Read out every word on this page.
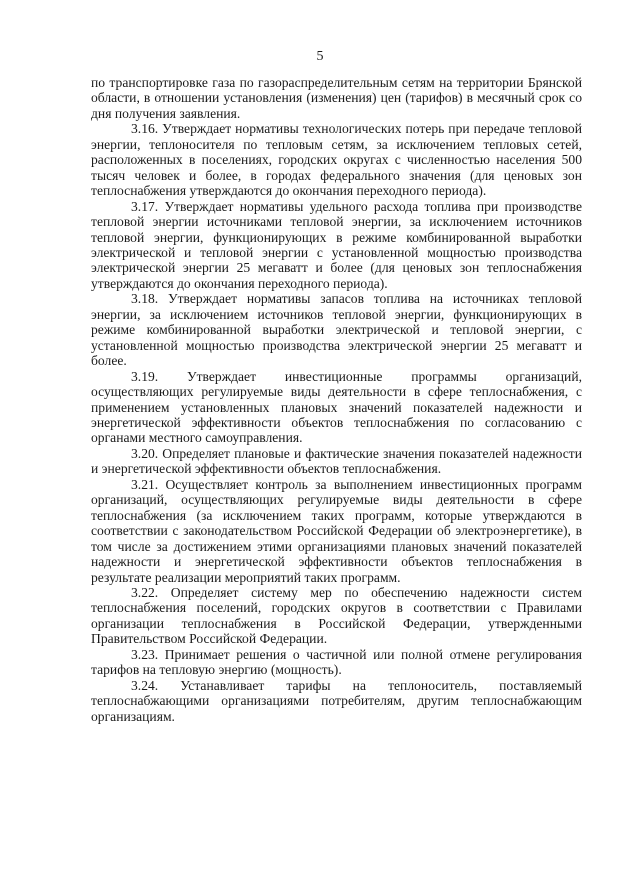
5

по транспортировке газа по газораспределительным сетям на территории Брянской области, в отношении установления (изменения) цен (тарифов) в месячный срок со дня получения заявления.

3.16. Утверждает нормативы технологических потерь при передаче тепловой энергии, теплоносителя по тепловым сетям, за исключением тепловых сетей, расположенных в поселениях, городских округах с численностью населения 500 тысяч человек и более, в городах федерального значения (для ценовых зон теплоснабжения утверждаются до окончания переходного периода).

3.17. Утверждает нормативы удельного расхода топлива при производстве тепловой энергии источниками тепловой энергии, за исключением источников тепловой энергии, функционирующих в режиме комбинированной выработки электрической и тепловой энергии с установленной мощностью производства электрической энергии 25 мегаватт и более (для ценовых зон теплоснабжения утверждаются до окончания переходного периода).

3.18. Утверждает нормативы запасов топлива на источниках тепловой энергии, за исключением источников тепловой энергии, функционирующих в режиме комбинированной выработки электрической и тепловой энергии, с установленной мощностью производства электрической энергии 25 мегаватт и более.

3.19. Утверждает инвестиционные программы организаций, осуществляющих регулируемые виды деятельности в сфере теплоснабжения, с применением установленных плановых значений показателей надежности и энергетической эффективности объектов теплоснабжения по согласованию с органами местного самоуправления.

3.20. Определяет плановые и фактические значения показателей надежности и энергетической эффективности объектов теплоснабжения.

3.21. Осуществляет контроль за выполнением инвестиционных программ организаций, осуществляющих регулируемые виды деятельности в сфере теплоснабжения (за исключением таких программ, которые утверждаются в соответствии с законодательством Российской Федерации об электроэнергетике), в том числе за достижением этими организациями плановых значений показателей надежности и энергетической эффективности объектов теплоснабжения в результате реализации мероприятий таких программ.

3.22. Определяет систему мер по обеспечению надежности систем теплоснабжения поселений, городских округов в соответствии с Правилами организации теплоснабжения в Российской Федерации, утвержденными Правительством Российской Федерации.

3.23. Принимает решения о частичной или полной отмене регулирования тарифов на тепловую энергию (мощность).

3.24. Устанавливает тарифы на теплоноситель, поставляемый теплоснабжающими организациями потребителям, другим теплоснабжающим организациям.
